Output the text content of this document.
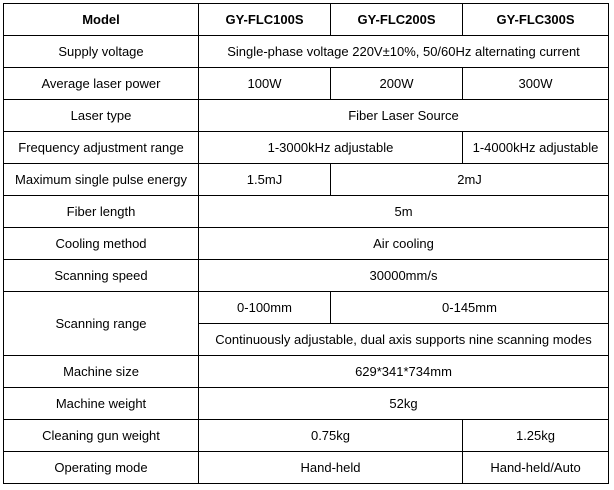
Model	GY-FLC100S	GY-FLC200S	GY-FLC300S
Supply voltage	Single-phase voltage 220V±10%, 50/60Hz alternating current		
Average laser power	100W	200W	300W
Laser type	Fiber Laser Source		
Frequency adjustment range	1-3000kHz adjustable		1-4000kHz adjustable
Maximum single pulse energy	1.5mJ	2mJ	
Fiber length	5m		
Cooling method	Air cooling		
Scanning speed	30000mm/s		
Scanning range	0-100mm	0-145mm	
	Continuously adjustable, dual axis supports nine scanning modes		
Machine size	629*341*734mm		
Machine weight	52kg		
Cleaning gun weight	0.75kg		1.25kg
Operating mode	Hand-held		Hand-held/Auto
